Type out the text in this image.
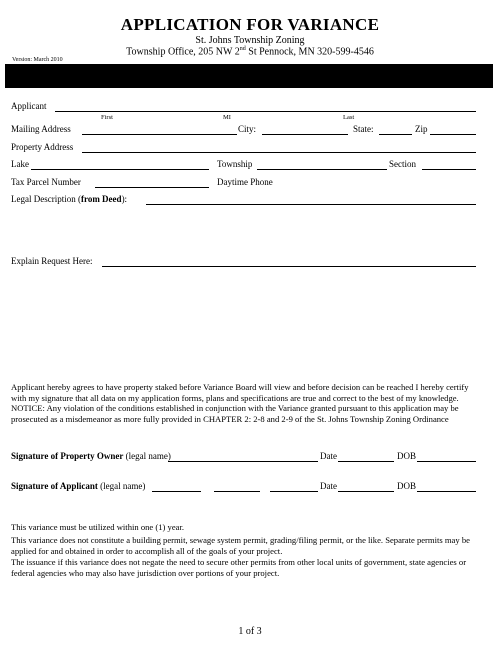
APPLICATION FOR VARIANCE
St. Johns Township Zoning
Township Office, 205 NW 2nd St Pennock, MN 320-599-4546
Version: March 2010
Applicant
First	MI	Last
Mailing Address	City:	State:	Zip
Property Address
Lake	Township	Section
Tax Parcel Number	Daytime Phone
Legal Description (from Deed):
Explain Request Here:
Applicant hereby agrees to have property staked before Variance Board will view and before decision can be reached I hereby certify with my signature that all data on my application forms, plans and specifications are true and correct to the best of my knowledge. NOTICE: Any violation of the conditions established in conjunction with the Variance granted pursuant to this application may be prosecuted as a misdemeanor as more fully provided in CHAPTER 2: 2-8 and 2-9 of the St. Johns Township Zoning Ordinance
Signature of Property Owner (legal name)	Date	DOB
Signature of Applicant (legal name)	Date	DOB
This variance must be utilized within one (1) year.
This variance does not constitute a building permit, sewage system permit, grading/filing permit, or the like. Separate permits may be applied for and obtained in order to accomplish all of the goals of your project.
The issuance if this variance does not negate the need to secure other permits from other local units of government, state agencies or federal agencies who may also have jurisdiction over portions of your project.
1 of 3
